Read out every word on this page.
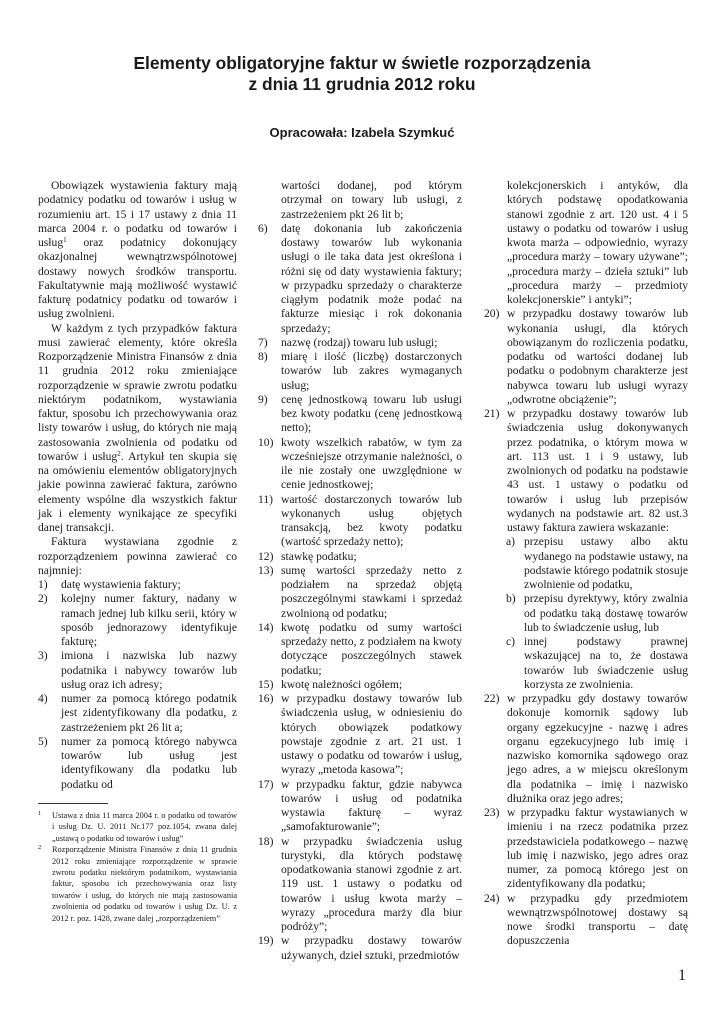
Elementy obligatoryjne faktur w świetle rozporządzenia
z dnia 11 grudnia 2012 roku
Opracowała: Izabela Szymkuć

Obowiązek wystawienia faktury mają podatnicy podatku od towarów i usług w rozumieniu art. 15 i 17 ustawy z dnia 11 marca 2004 r. o podatku od towarów i usług$^1$ oraz podatnicy dokonujący okazjonalnej wewnątrzwspólnotowej dostawy nowych środków transportu. Fakultatywnie mają możliwość wystawić fakturę podatnicy podatku od towarów i usług zwolnieni.

W każdym z tych przypadków faktura musi zawierać elementy, które określa Rozporządzenie Ministra Finansów z dnia 11 grudnia 2012 roku zmieniające rozporządzenie w sprawie zwrotu podatku niektórym podatnikom, wystawiania faktur, sposobu ich przechowywania oraz listy towarów i usług, do których nie mają zastosowania zwolnienia od podatku od towarów i usług$^2$. Artykuł ten skupia się na omówieniu elementów obligatoryjnych jakie powinna zawierać faktura, zarówno elementy wspólne dla wszystkich faktur jak i elementy wynikające ze specyfiki danej transakcji.

Faktura wystawiana zgodnie z rozporządzeniem powinna zawierać co najmniej:

1) datę wystawienia faktury;
2) kolejny numer faktury, nadany w ramach jednej lub kilku serii, który w sposób jednorazowy identyfikuje fakturę;
3) imiona i nazwiska lub nazwy podatnika i nabywcy towarów lub usług oraz ich adresy;
4) numer za pomocą którego podatnik jest zidentyfikowany dla podatku, z zastrzeżeniem pkt 26 lit a;
5) numer za pomocą którego nabywca towarów lub usług jest identyfikowany dla podatku lub podatku od
1 Ustawa z dnia 11 marca 2004 r. o podatku od towarów i usług Dz. U. 2011 Nr.177 poz.1054, zwana dalej „ustawą o podatku od towarów i usług”
2 Rozporządzenie Ministra Finansów z dnia 11 grudnia 2012 roku zmieniające rozporządzenie w sprawie zwrotu podatku niektórym podatnikom, wystawiania faktur, sposobu ich przechowywania oraz listy towarów i usług, do których nie mają zastosowania zwolnienia od podatku od towarów i usług Dz. U. z 2012 r. poz. 1428, zwane dalej „rozporządzeniem”
wartości dodanej, pod którym otrzymał on towary lub usługi, z zastrzeżeniem pkt 26 lit b;
6) datę dokonania lub zakończenia dostawy towarów lub wykonania usługi o ile taka data jest określona i różni się od daty wystawienia faktury; w przypadku sprzedaży o charakterze ciągłym podatnik może podać na fakturze miesiąc i rok dokonania sprzedaży;
7) nazwę (rodzaj) towaru lub usługi;
8) miarę i ilość (liczbę) dostarczonych towarów lub zakres wymaganych usług;
9) cenę jednostkową towaru lub usługi bez kwoty podatku (cenę jednostkową netto);
10) kwoty wszelkich rabatów, w tym za wcześniejsze otrzymanie należności, o ile nie zostały one uwzględnione w cenie jednostkowej;
11) wartość dostarczonych towarów lub wykonanych usług objętych transakcją, bez kwoty podatku (wartość sprzedaży netto);
12) stawkę podatku;
13) sumę wartości sprzedaży netto z podziałem na sprzedaż objętą poszczególnymi stawkami i sprzedaż zwolnioną od podatku;
14) kwotę podatku od sumy wartości sprzedaży netto, z podziałem na kwoty dotyczące poszczególnych stawek podatku;
15) kwotę należności ogółem;
16) w przypadku dostawy towarów lub świadczenia usług, w odniesieniu do których obowiązek podatkowy powstaje zgodnie z art. 21 ust. 1 ustawy o podatku od towarów i usług, wyrazy „metoda kasowa”;
17) w przypadku faktur, gdzie nabywca towarów i usług od podatnika wystawia fakturę – wyraz „samofakturowanie”;
18) w przypadku świadczenia usług turystyki, dla których podstawę opodatkowania stanowi zgodnie z art. 119 ust. 1 ustawy o podatku od towarów i usług kwota marży – wyrazy „procedura marży dla biur podróży”;
19) w przypadku dostawy towarów używanych, dzieł sztuki, przedmiotów
kolekcjonerskich i antyków, dla których podstawę opodatkowania stanowi zgodnie z art. 120 ust. 4 i 5 ustawy o podatku od towarów i usług kwota marża – odpowiednio, wyrazy „procedura marży – towary używane”; „procedura marży – dzieła sztuki” lub „procedura marży – przedmioty kolekcjonerskie” i antyki”;
20) w przypadku dostawy towarów lub wykonania usługi, dla których obowiązanym do rozliczenia podatku, podatku od wartości dodanej lub podatku o podobnym charakterze jest nabywca towaru lub usługi wyrazy „odwrotne obciążenie”;
21) w przypadku dostawy towarów lub świadczenia usług dokonywanych przez podatnika, o którym mowa w art. 113 ust. 1 i 9 ustawy, lub zwolnionych od podatku na podstawie 43 ust. 1 ustawy o podatku od towarów i usług lub przepisów wydanych na podstawie art. 82 ust.3 ustawy faktura zawiera wskazanie:
a) przepisu ustawy albo aktu wydanego na podstawie ustawy, na podstawie którego podatnik stosuje zwolnienie od podatku,
b) przepisu dyrektywy, który zwalnia od podatku taką dostawę towarów lub to świadczenie usług, lub
c) innej podstawy prawnej wskazującej na to, że dostawa towarów lub świadczenie usług korzysta ze zwolnienia.
22) w przypadku gdy dostawy towarów dokonuje komornik sądowy lub organy egzekucyjne - nazwę i adres organu egzekucyjnego lub imię i nazwisko komornika sądowego oraz jego adres, a w miejscu określonym dla podatnika – imię i nazwisko dłużnika oraz jego adres;
23) w przypadku faktur wystawianych w imieniu i na rzecz podatnika przez przedstawiciela podatkowego – nazwę lub imię i nazwisko, jego adres oraz numer, za pomocą którego jest on zidentyfikowany dla podatku;
24) w przypadku gdy przedmiotem wewnątrzwspólnotowej dostawy są nowe środki transportu – datę dopuszczenia
1
